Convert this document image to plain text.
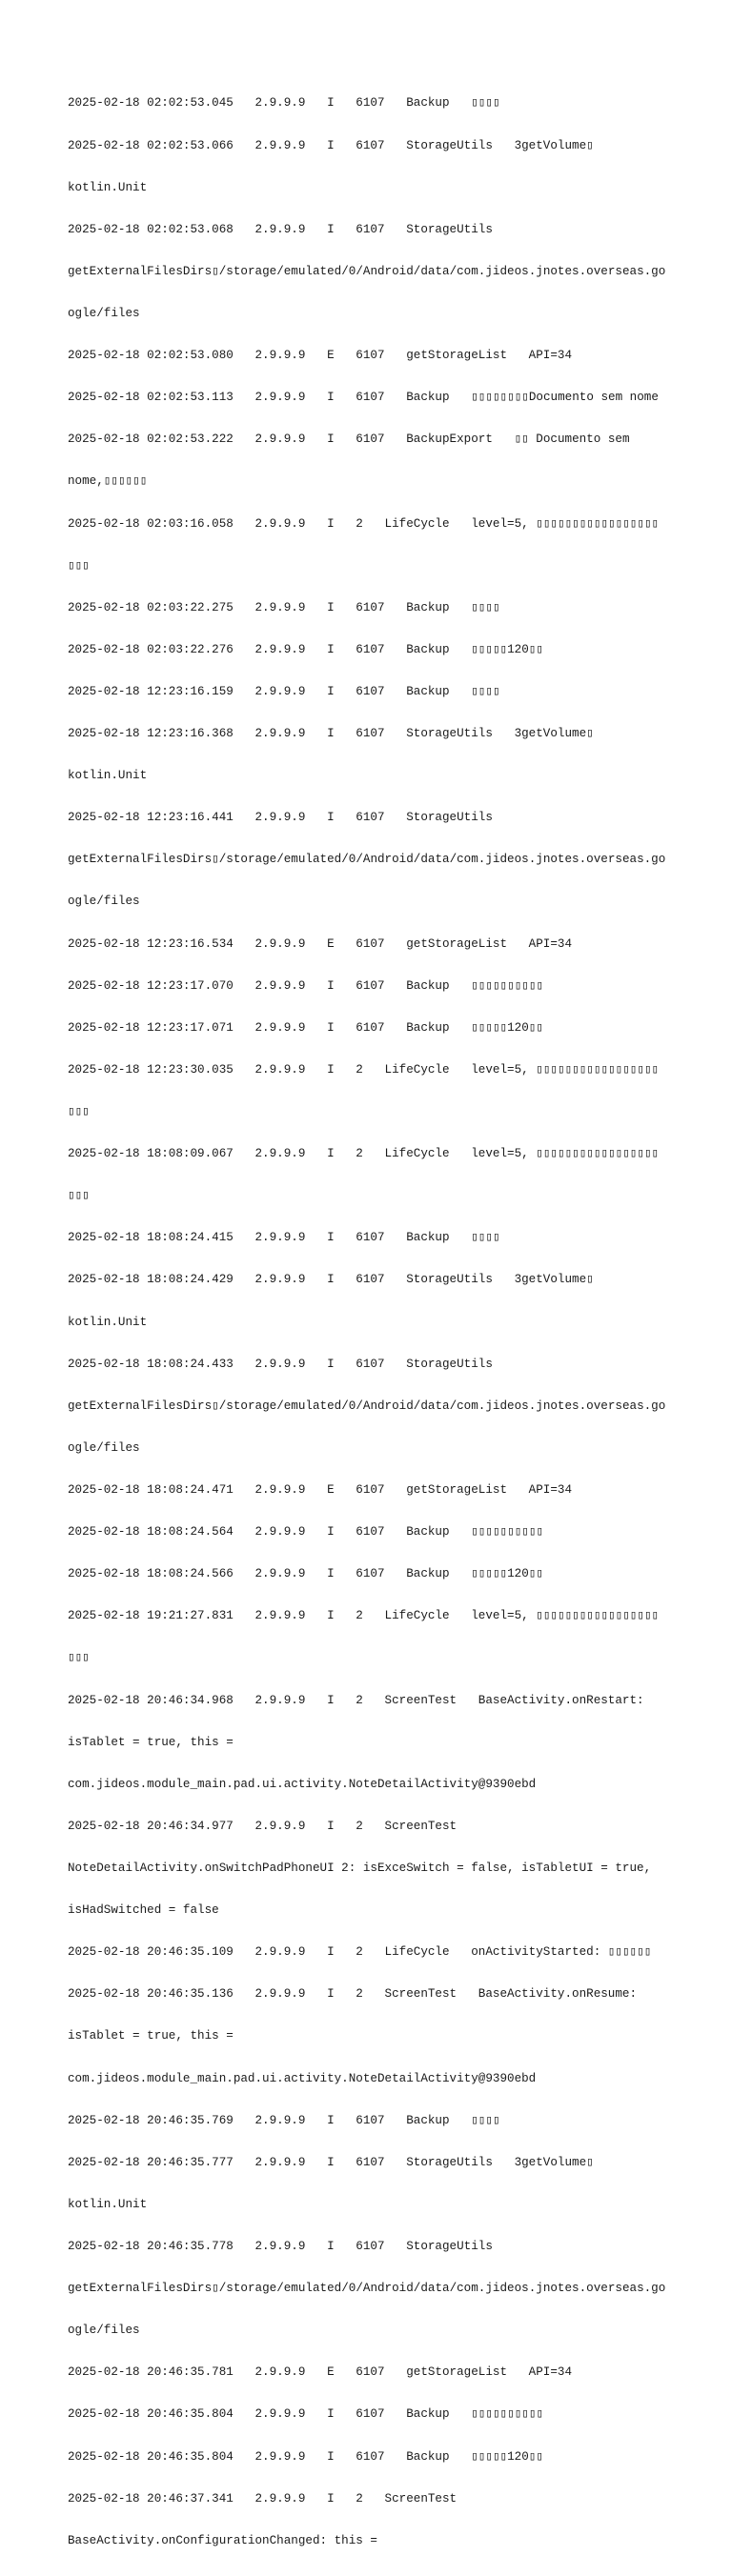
2025-02-18 02:02:53.045   2.9.9.9   I   6107   Backup   ▯▯▯▯

2025-02-18 02:02:53.066   2.9.9.9   I   6107   StorageUtils   3getVolume▯

kotlin.Unit

2025-02-18 02:02:53.068   2.9.9.9   I   6107   StorageUtils

getExternalFilesDirs▯/storage/emulated/0/Android/data/com.jideos.jnotes.overseas.go

ogle/files

2025-02-18 02:02:53.080   2.9.9.9   E   6107   getStorageList   API=34

2025-02-18 02:02:53.113   2.9.9.9   I   6107   Backup   ▯▯▯▯▯▯▯▯Documento sem nome

2025-02-18 02:02:53.222   2.9.9.9   I   6107   BackupExport   ▯▯ Documento sem

nome,▯▯▯▯▯▯

2025-02-18 02:03:16.058   2.9.9.9   I   2   LifeCycle   level=5, ▯▯▯▯▯▯▯▯▯▯▯▯▯▯▯▯▯

▯▯▯

2025-02-18 02:03:22.275   2.9.9.9   I   6107   Backup   ▯▯▯▯

2025-02-18 02:03:22.276   2.9.9.9   I   6107   Backup   ▯▯▯▯▯120▯▯

2025-02-18 12:23:16.159   2.9.9.9   I   6107   Backup   ▯▯▯▯

2025-02-18 12:23:16.368   2.9.9.9   I   6107   StorageUtils   3getVolume▯

kotlin.Unit

2025-02-18 12:23:16.441   2.9.9.9   I   6107   StorageUtils

getExternalFilesDirs▯/storage/emulated/0/Android/data/com.jideos.jnotes.overseas.go

ogle/files

2025-02-18 12:23:16.534   2.9.9.9   E   6107   getStorageList   API=34

2025-02-18 12:23:17.070   2.9.9.9   I   6107   Backup   ▯▯▯▯▯▯▯▯▯▯

2025-02-18 12:23:17.071   2.9.9.9   I   6107   Backup   ▯▯▯▯▯120▯▯

2025-02-18 12:23:30.035   2.9.9.9   I   2   LifeCycle   level=5, ▯▯▯▯▯▯▯▯▯▯▯▯▯▯▯▯▯

▯▯▯

2025-02-18 18:08:09.067   2.9.9.9   I   2   LifeCycle   level=5, ▯▯▯▯▯▯▯▯▯▯▯▯▯▯▯▯▯

▯▯▯

2025-02-18 18:08:24.415   2.9.9.9   I   6107   Backup   ▯▯▯▯

2025-02-18 18:08:24.429   2.9.9.9   I   6107   StorageUtils   3getVolume▯

kotlin.Unit

2025-02-18 18:08:24.433   2.9.9.9   I   6107   StorageUtils

getExternalFilesDirs▯/storage/emulated/0/Android/data/com.jideos.jnotes.overseas.go

ogle/files

2025-02-18 18:08:24.471   2.9.9.9   E   6107   getStorageList   API=34

2025-02-18 18:08:24.564   2.9.9.9   I   6107   Backup   ▯▯▯▯▯▯▯▯▯▯

2025-02-18 18:08:24.566   2.9.9.9   I   6107   Backup   ▯▯▯▯▯120▯▯

2025-02-18 19:21:27.831   2.9.9.9   I   2   LifeCycle   level=5, ▯▯▯▯▯▯▯▯▯▯▯▯▯▯▯▯▯

▯▯▯

2025-02-18 20:46:34.968   2.9.9.9   I   2   ScreenTest   BaseActivity.onRestart:

isTablet = true, this =

com.jideos.module_main.pad.ui.activity.NoteDetailActivity@9390ebd

2025-02-18 20:46:34.977   2.9.9.9   I   2   ScreenTest

NoteDetailActivity.onSwitchPadPhoneUI 2: isExceSwitch = false, isTabletUI = true,

isHadSwitched = false

2025-02-18 20:46:35.109   2.9.9.9   I   2   LifeCycle   onActivityStarted: ▯▯▯▯▯▯

2025-02-18 20:46:35.136   2.9.9.9   I   2   ScreenTest   BaseActivity.onResume:

isTablet = true, this =

com.jideos.module_main.pad.ui.activity.NoteDetailActivity@9390ebd

2025-02-18 20:46:35.769   2.9.9.9   I   6107   Backup   ▯▯▯▯

2025-02-18 20:46:35.777   2.9.9.9   I   6107   StorageUtils   3getVolume▯

kotlin.Unit

2025-02-18 20:46:35.778   2.9.9.9   I   6107   StorageUtils

getExternalFilesDirs▯/storage/emulated/0/Android/data/com.jideos.jnotes.overseas.go

ogle/files

2025-02-18 20:46:35.781   2.9.9.9   E   6107   getStorageList   API=34

2025-02-18 20:46:35.804   2.9.9.9   I   6107   Backup   ▯▯▯▯▯▯▯▯▯▯

2025-02-18 20:46:35.804   2.9.9.9   I   6107   Backup   ▯▯▯▯▯120▯▯

2025-02-18 20:46:37.341   2.9.9.9   I   2   ScreenTest

BaseActivity.onConfigurationChanged: this =
